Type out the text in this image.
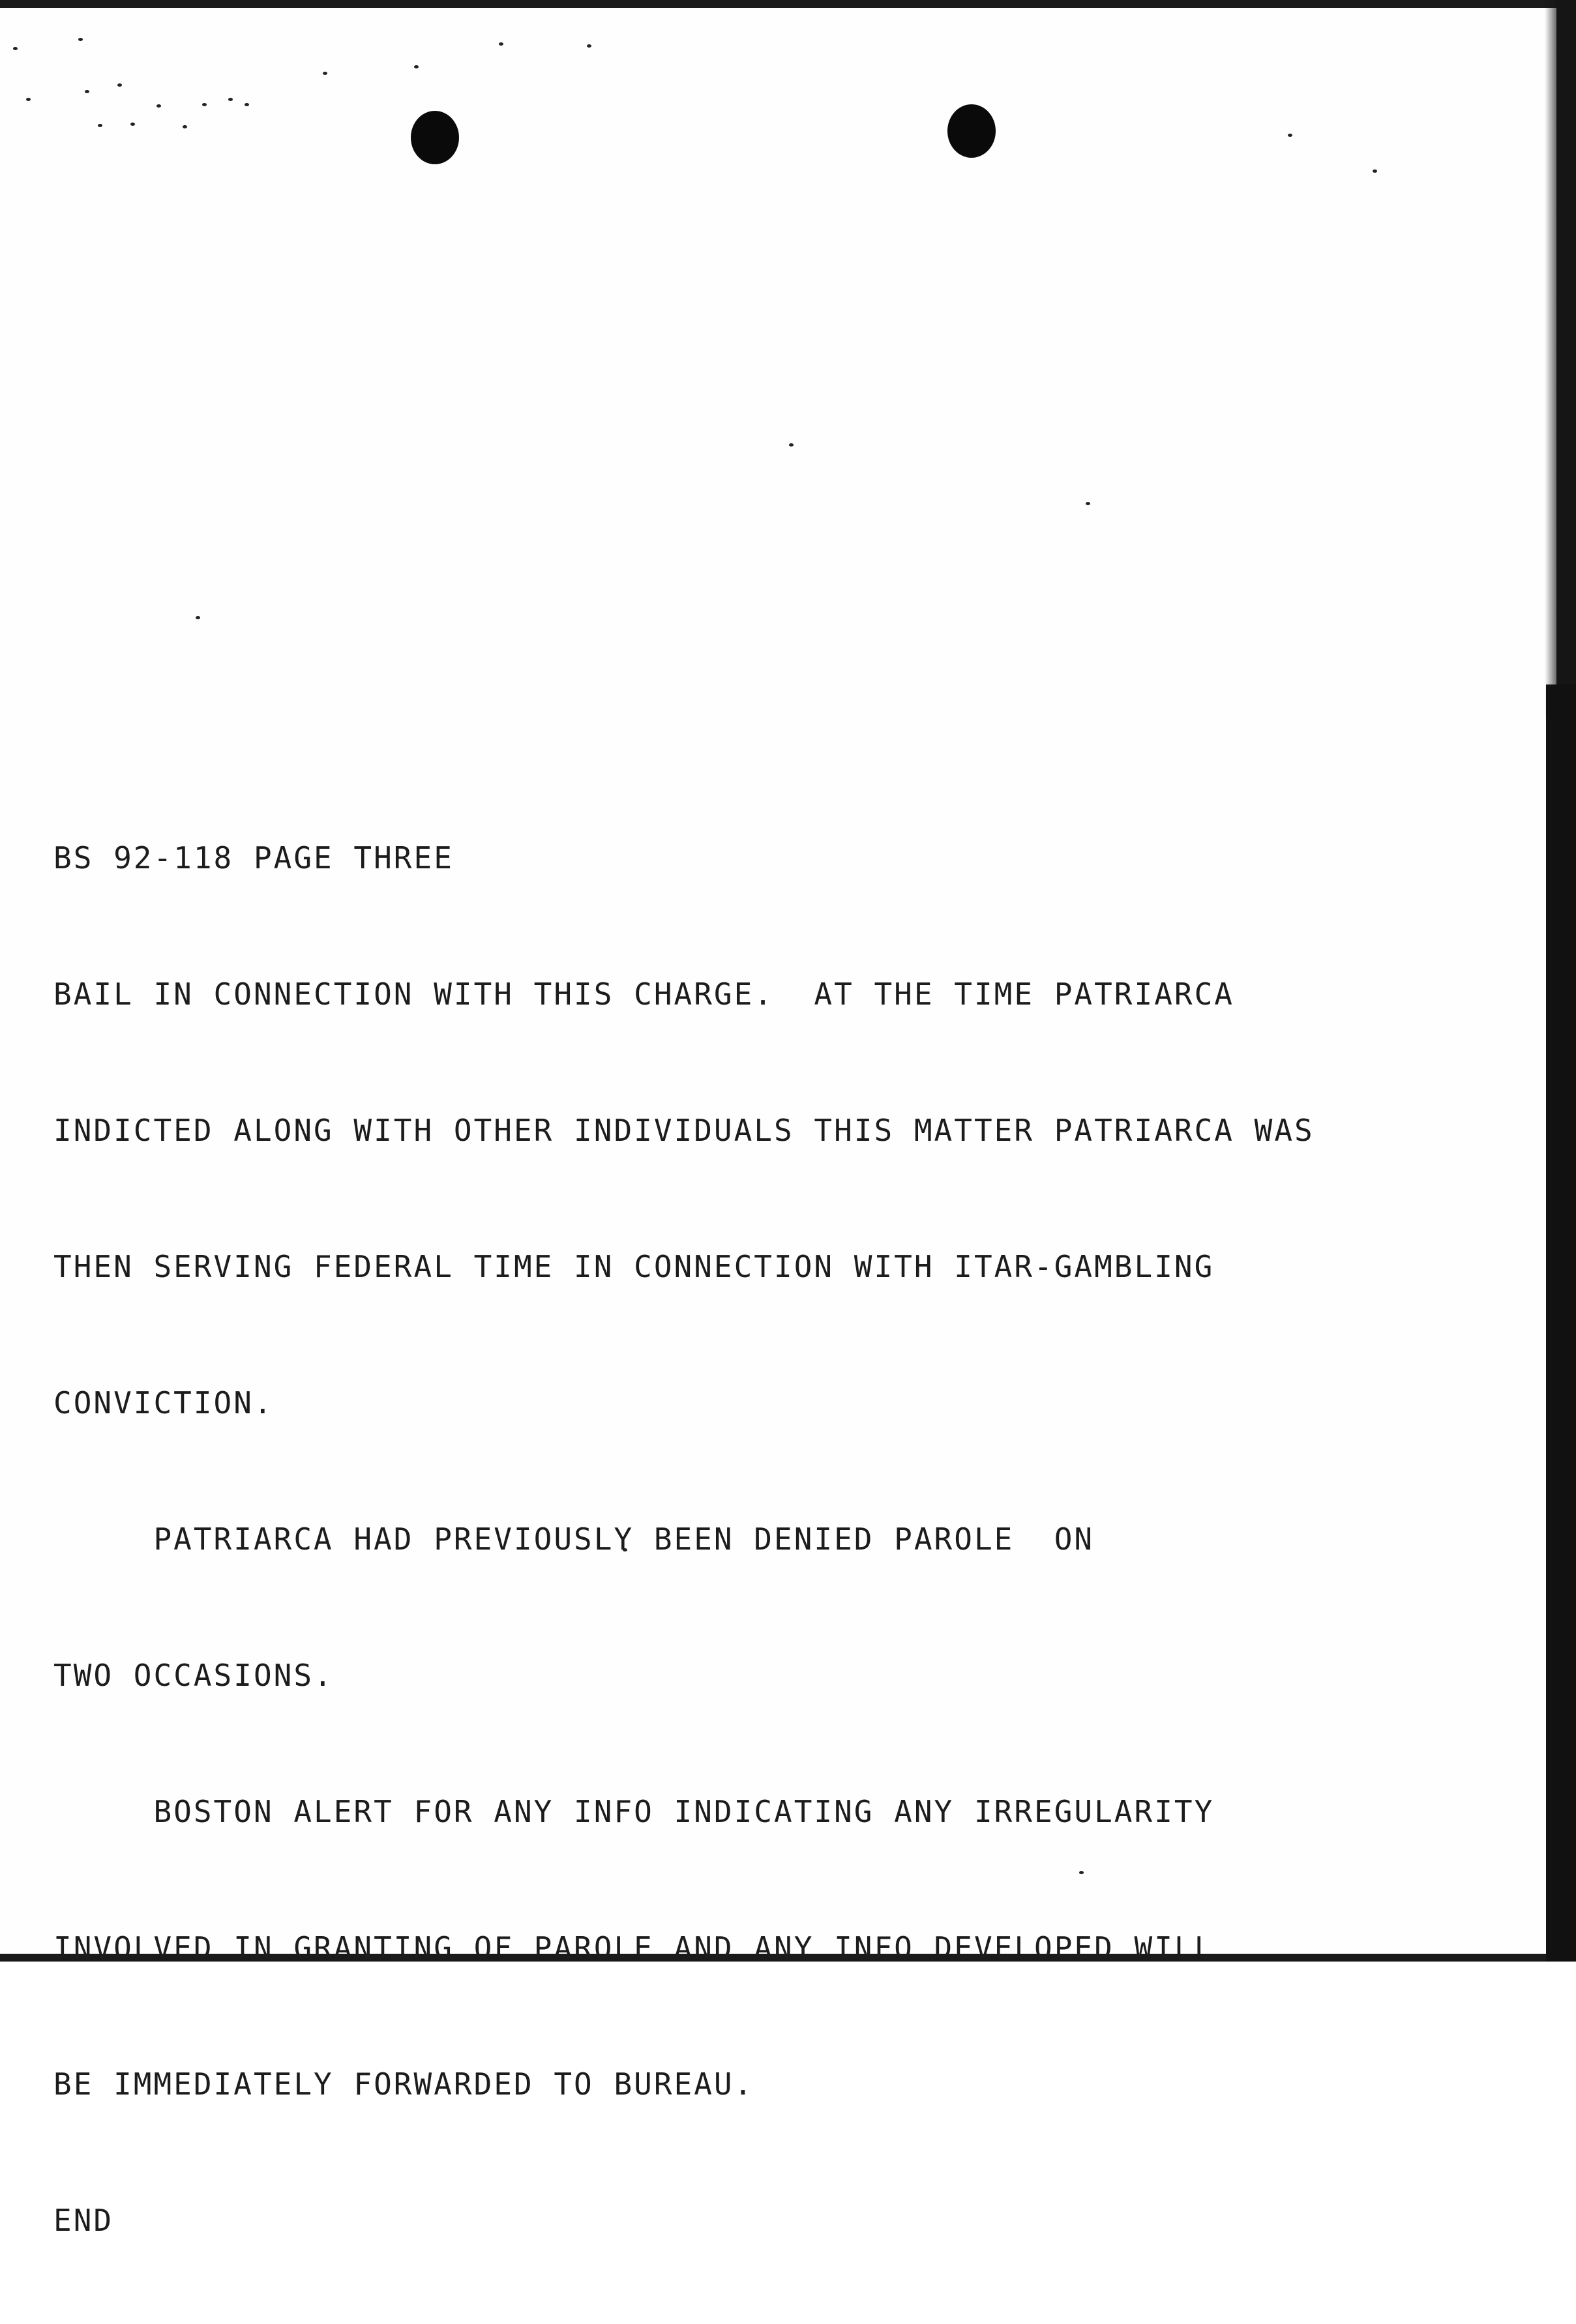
BS 92-118 PAGE THREE

BAIL IN CONNECTION WITH THIS CHARGE.  AT THE TIME PATRIARCA

INDICTED ALONG WITH OTHER INDIVIDUALS THIS MATTER PATRIARCA WAS

THEN SERVING FEDERAL TIME IN CONNECTION WITH ITAR-GAMBLING

CONVICTION.

PATRIARCA HAD PREVIOUSLY BEEN DENIED PAROLE  ON

TWO OCCASIONS.

BOSTON ALERT FOR ANY INFO INDICATING ANY IRREGULARITY

INVOLVED IN GRANTING OF PAROLE AND ANY INFO DEVELOPED WILL

BE IMMEDIATELY FORWARDED TO BUREAU.

END
